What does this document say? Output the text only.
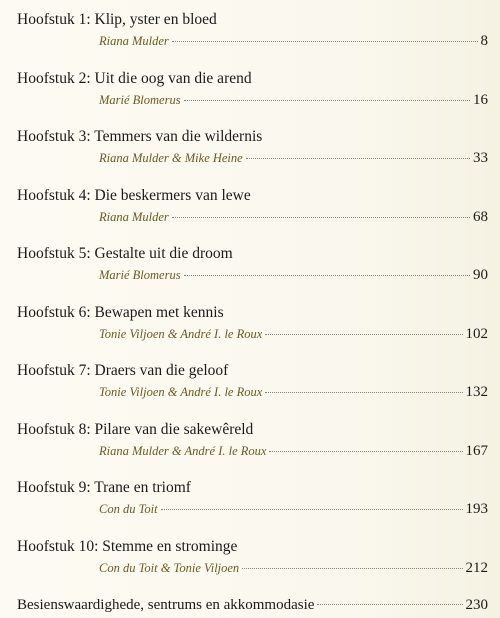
Hoofstuk 1: Klip, yster en bloed
Riana Mulder	8
Hoofstuk 2: Uit die oog van die arend
Marié Blomerus	16
Hoofstuk 3: Temmers van die wildernis
Riana Mulder & Mike Heine	33
Hoofstuk 4: Die beskermers van lewe
Riana Mulder	68
Hoofstuk 5: Gestalte uit die droom
Marié Blomerus	90
Hoofstuk 6: Bewapen met kennis
Tonie Viljoen & André I. le Roux	102
Hoofstuk 7: Draers van die geloof
Tonie Viljoen & André I. le Roux	132
Hoofstuk 8: Pilare van die sakewêreld
Riana Mulder & André I. le Roux	167
Hoofstuk 9: Trane en triomf
Con du Toit	193
Hoofstuk 10: Stemme en strominge
Con du Toit & Tonie Viljoen	212
Besienswaardighede, sentrums en akkommodasie	230
